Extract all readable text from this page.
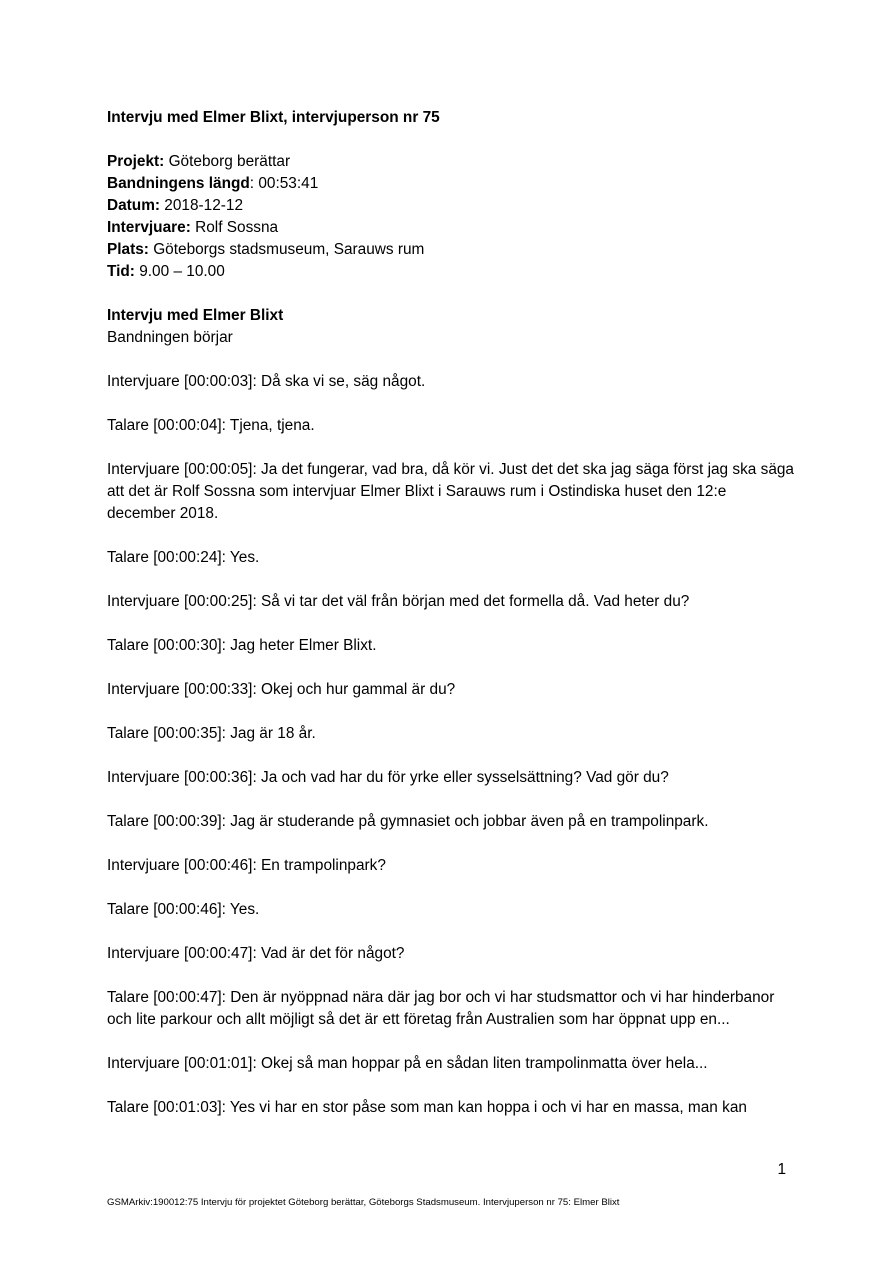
Intervju med Elmer Blixt, intervjuperson nr 75

Projekt: Göteborg berättar
Bandningens längd: 00:53:41
Datum: 2018-12-12
Intervjuare: Rolf Sossna
Plats: Göteborgs stadsmuseum, Sarauws rum
Tid: 9.00 – 10.00
Intervju med Elmer Blixt
Bandningen börjar

Intervjuare [00:00:03]: Då ska vi se, säg något.

Talare [00:00:04]: Tjena, tjena.

Intervjuare [00:00:05]: Ja det fungerar, vad bra, då kör vi. Just det det ska jag säga först jag ska säga att det är Rolf Sossna som intervjuar Elmer Blixt i Sarauws rum i Ostindiska huset den 12:e december 2018.

Talare [00:00:24]: Yes.

Intervjuare [00:00:25]: Så vi tar det väl från början med det formella då. Vad heter du?

Talare [00:00:30]: Jag heter Elmer Blixt.

Intervjuare [00:00:33]: Okej och hur gammal är du?

Talare [00:00:35]: Jag är 18 år.

Intervjuare [00:00:36]: Ja och vad har du för yrke eller sysselsättning? Vad gör du?

Talare [00:00:39]: Jag är studerande på gymnasiet och jobbar även på en trampolinpark.

Intervjuare [00:00:46]: En trampolinpark?

Talare [00:00:46]: Yes.

Intervjuare [00:00:47]: Vad är det för något?

Talare [00:00:47]: Den är nyöppnad nära där jag bor och vi har studsmattor och vi har hinderbanor och lite parkour och allt möjligt så det är ett företag från Australien som har öppnat upp en...

Intervjuare [00:01:01]: Okej så man hoppar på en sådan liten trampolinmatta över hela...

Talare [00:01:03]: Yes vi har en stor påse som man kan hoppa i och vi har en massa, man kan

1
GSMArkiv:190012:75 Intervju för projektet Göteborg berättar, Göteborgs Stadsmuseum. Intervjuperson nr 75: Elmer Blixt
